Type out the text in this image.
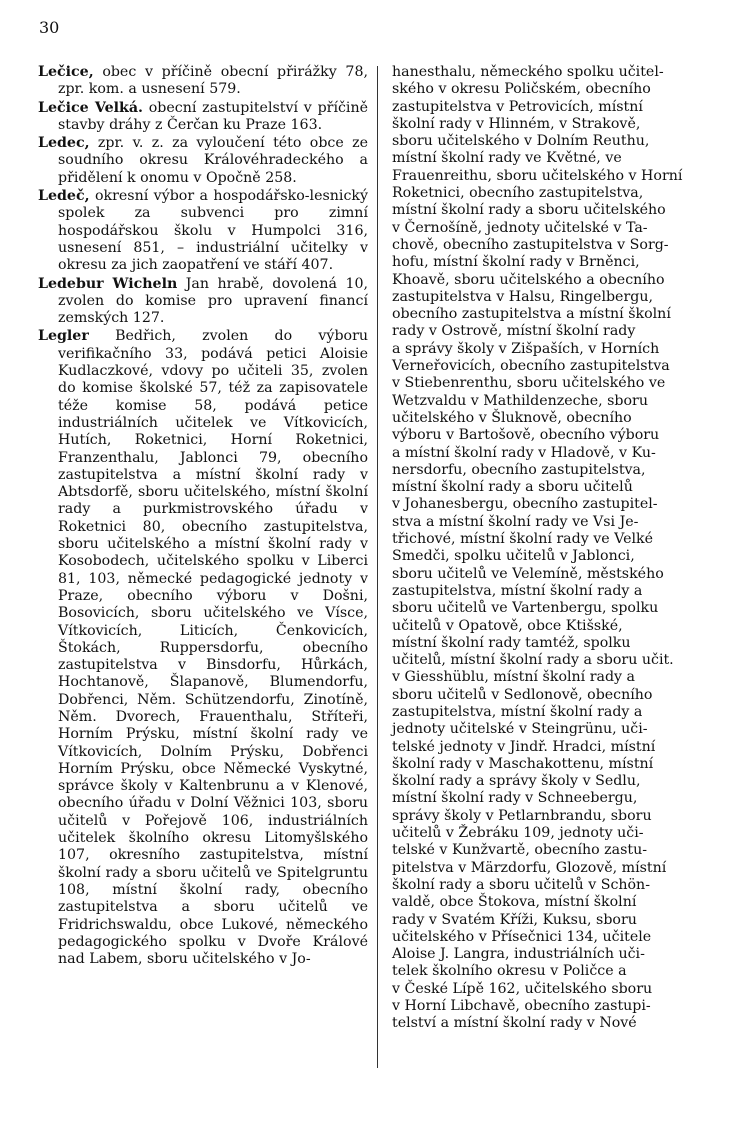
30

Lečice, obec v příčině obecní přirážky 78, zpr. kom. a usnesení 579.

Lečice Velká. obecní zastupitelství v příčině stavby dráhy z Čerčan ku Praze 163.

Ledec, zpr. v. z. za vyloučení této obce ze soudního okresu Královéhradeckého a přidělení k onomu v Opočně 258.

Ledeč, okresní výbor a hospodářsko-lesnický spolek za subvenci pro zimní hospodářskou školu v Humpolci 316, usnesení 851, – industriální učitelky v okresu za jich zaopatření ve stáří 407.

Ledebur Wicheln Jan hrabě, dovolená 10, zvolen do komise pro upravení financí zemských 127.

Legler Bedřich, zvolen do výboru verifikačního 33, podává petici Aloisie Kudlaczkové, vdovy po učiteli 35, zvolen do komise školské 57, též za zapisovatele téže komise 58, podává petice industriálních učitelek ve Vítkovicích, Hutích, Roketnici, Horní Roketnici, Franzenthalu, Jablonci 79, obecního zastupitelstva a místní školní rady v Abtsdorfě, sboru učitelského, místní školní rady a purkmistrovského úřadu v Roketnici 80, obecního zastupitelstva, sboru učitelského a místní školní rady v Kosobodech, učitelského spolku v Liberci 81, 103, německé pedagogické jednoty v Praze, obecního výboru v Došni, Bosovicích, sboru učitelského ve Vísce, Vítkovicích, Liticích, Čenkovicích, Štokách, Ruppersdorfu, obecního zastupitelstva v Binsdorfu, Hůrkách, Hochtanově, Šlapanově, Blumendorfu, Dobřenci, Něm. Schützendorfu, Zinotíně, Něm. Dvorech, Frauenthalu, Stříteři, Horním Prýsku, místní školní rady ve Vítkovicích, Dolním Prýsku, Dobřenci Horním Prýsku, obce Německé Vyskytné, správce školy v Kaltenbrunu a v Klenové, obecního úřadu v Dolní Věžnici 103, sboru učitelů v Pořejově 106, industriálních učitelek školního okresu Litomyšlského 107, okresního zastupitelstva, místní školní rady a sboru učitelů ve Spitelgruntu 108, místní školní rady, obecního zastupitelstva a sboru učitelů ve Fridrichswaldu, obce Lukové, německého pedagogického spolku v Dvoře Králové nad Labem, sboru učitelského v Jo-

hanesthalu, německého spolku učitel-
ského v okresu Poličském, obecního
zastupitelstva v Petrovicích, místní
školní rady v Hlinném, v Strakově,
sboru učitelského v Dolním Reuthu,
místní školní rady ve Květné, ve
Frauenreithu, sboru učitelského v Horní
Roketnici, obecního zastupitelstva,
místní školní rady a sboru učitelského
v Černošíně, jednoty učitelské v Ta-
chově, obecního zastupitelstva v Sorg-
hofu, místní školní rady v Brněnci,
Khoavě, sboru učitelského a obecního
zastupitelstva v Halsu, Ringelbergu,
obecního zastupitelstva a místní školní
rady v Ostrově, místní školní rady
a správy školy v Zišpaších, v Horních
Verneřovicích, obecního zastupitelstva
v Stiebenrenthu, sboru učitelského ve
Wetzvaldu v Mathildenzeche, sboru
učitelského v Šluknově, obecního
výboru v Bartošově, obecního výboru
a místní školní rady v Hladově, v Ku-
nersdorfu, obecního zastupitelstva,
místní školní rady a sboru učitelů
v Johanesbergu, obecního zastupitel-
stva a místní školní rady ve Vsi Je-
třichové, místní školní rady ve Velké
Smedči, spolku učitelů v Jablonci,
sboru učitelů ve Velemíně, městského
zastupitelstva, místní školní rady a
sboru učitelů ve Vartenbergu, spolku
učitelů v Opatově, obce Ktišské,
místní školní rady tamtéž, spolku
učitelů, místní školní rady a sboru učit.
v Giesshüblu, místní školní rady a
sboru učitelů v Sedlonově, obecního
zastupitelstva, místní školní rady a
jednoty učitelské v Steingrünu, uči-
telské jednoty v Jindř. Hradci, místní
školní rady v Maschakottenu, místní
školní rady a správy školy v Sedlu,
místní školní rady v Schneebergu,
správy školy v Petlarnbrandu, sboru
učitelů v Žebráku 109, jednoty uči-
telské v Kunžvartě, obecního zastu-
pitelstva v Märzdorfu, Glozově, místní
školní rady a sboru učitelů v Schön-
valdě, obce Štokova, místní školní
rady v Svatém Kříži, Kuksu, sboru
učitelského v Přísečnici 134, učitele
Aloise J. Langra, industriálních uči-
telek školního okresu v Poličce a
v České Lípě 162, učitelského sboru
v Horní Libchavě, obecního zastupi-
telství a místní školní rady v Nové
